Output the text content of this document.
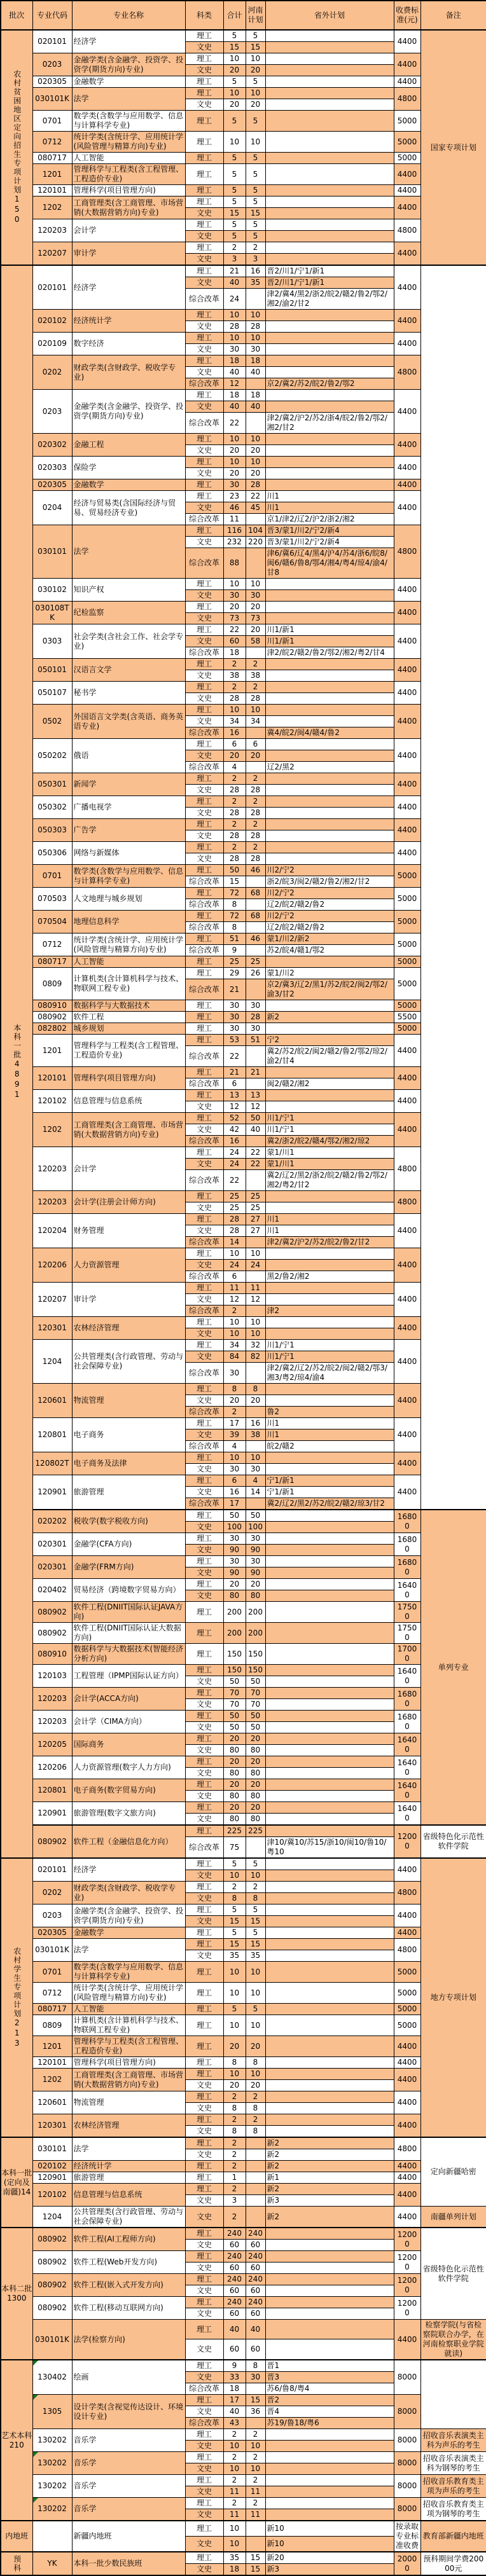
批次	专业代码	专业名称	科类	合计	河南计划	省外计划	收费标准(元)	备注
农村贫困地区定向招生专项计划150	020101	经济学	理工	5	5		4400	国家专项计划
			文史	15	15			
	0203	金融学类(含金融学、投资学、投资学(期货方向)专业)	理工	10	10		4400	
			文史	20	20			
	020305	金融数学	理工	5	5		4400	
	030101K	法学	理工	10	10		4800	
			文史	20	20			
	0701	数学类(含数学与应用数学、信息与计算科学专业)	理工	5	5		5000	
	0712	统计学类(含统计学、应用统计学(风险管理与精算方向)专业)	理工	10	10		5000	
	080717	人工智能	理工	5	5		5000	
	1201	管理科学与工程类(含工程管理、工程造价专业)	理工	5	5		4400	
	120101	管理科学(项目管理方向)	理工	5	5		4400	
	1202	工商管理类(含工商管理、市场营销(大数据营销方向)专业)	理工	5	5		4400	
			文史	15	15			
	120203	会计学	理工	5	5		4800	
			文史	5	5			
	120207	审计学	理工	2	2		4400	
			文史	3	3			
本科一批4891	020101	经济学	理工	21	16	晋2/川1/宁1/新1	4400	
			文史	40	35	晋2/川1/宁1/新1		
			综合改革	24		津2/冀4/黑2/浙2/皖2/赣2/鲁2/鄂2/湘2/渝2/甘2		
	020102	经济统计学	理工	10	10		4400	
			文史	28	28			
	020109	数字经济	理工	10	10		4400	
			文史	30	30			
	0202	财政学类(含财政学、税收学专业)	理工	18	18		4800	
			文史	40	40			
			综合改革	12		京2/冀2/苏2/皖2/鲁2/鄂2		
	0203	金融学类(含金融学、投资学、投资学(期货方向)专业)	理工	18	18		4400	
			文史	40	40			
			综合改革	22		津2/冀2/沪2/苏2/浙4/皖2/鲁2/鄂2/湘2/甘2		
	020302	金融工程	理工	10	10		4400	
			文史	20	20			
	020303	保险学	理工	10	10		4400	
			文史	20	20			
	020305	金融数学	理工	30	28		4400	
	0204	经济与贸易类(含国际经济与贸易、贸易经济专业)	理工	23	22	川1	4400	
			文史	46	45	川1		
			综合改革	11		京1/津2/辽2/沪2/浙2/湘2		
	030101	法学	理工	116	104	晋3/蒙1/川2/宁2/新4	4800	
			文史	232	220	晋3/蒙1/川2/宁2/新4		
			综合改革	88		津6/冀6/辽4/黑4/沪4/苏4/浙6/皖8/闽6/赣6/鲁8/鄂4/湘4/粤4/琼4/渝4/甘8		
	030102	知识产权	理工	10	10		4400	
			文史	30	30			
	030108TK	纪检监察	理工	20	20		4400	
			文史	73	73			
	0303	社会学类(含社会工作、社会学专业)	理工	22	20	川1/新1	4400	
			文史	60	58	川1/新1		
			综合改革	18		津2/皖2/赣2/鲁2/鄂2/湘2/粤2/甘4		
	050101	汉语言文学	理工	2	2		4400	
			文史	38	38			
	050107	秘书学	理工	2	2		4400	
			文史	28	28			
	0502	外国语言文学类(含英语、商务英语专业)	理工	10	10		4400	
			文史	34	34			
			综合改革	16		冀4/皖2/闽4/赣4/鲁2		
	050202	俄语	理工	6	6		4400	
			文史	20	20			
			综合改革	4		辽2/黑2		
	050301	新闻学	理工	2	2		4400	
			文史	28	28			
	050302	广播电视学	理工	2	2		4400	
			文史	28	28			
	050303	广告学	理工	2	2		4400	
			文史	28	28			
	050306	网络与新媒体	理工	2	2		4400	
			文史	28	28			
	0701	数学类(含数学与应用数学、信息与计算科学专业)	理工	50	46	川2/宁2	5000	
			综合改革	15		浙2/皖3/闽2/赣2/鲁2/湘2/甘2		
	070503	人文地理与城乡规划	理工	72	68	川2/宁2	5000	
			综合改革	8		辽2/皖2/赣2/鲁2		
	070504	地理信息科学	理工	72	68	川2/宁2	5000	
			综合改革	8		辽2/皖2/赣2/鲁2		
	0712	统计学类(含统计学、应用统计学(风险管理与精算方向)专业)	理工	51	46	蒙1/川2/新2	5000	
			综合改革	9		苏2/皖4/赣1/鄂2		
	080717	人工智能	理工	25	25		5000	
	0809	计算机类(含计算机科学与技术、物联网工程专业)	理工	29	26	蒙1/川2	5000	
			综合改革	21		京2/冀3/辽2/黑1/苏2/皖2/闽2/鄂2/渝3/甘2		
	080910	数据科学与大数据技术	理工	30	30		5000	
	080902	软件工程	理工	30	28	新2	5500	
	082802	城乡规划	理工	30	30		5000	
	1201	管理科学与工程类(含工程管理、工程造价专业)	理工	53	51	宁2	4400	
			综合改革	22		冀2/苏2/皖2/闽2/赣2/鲁2/鄂2/琼2/渝2/甘4		
	120101	管理科学(项目管理方向)	理工	21	21		4400	
			综合改革	6		闽2/赣2/湘2		
	120102	信息管理与信息系统	理工	13	13		4400	
			文史	12	12			
	1202	工商管理类(含工商管理、市场营销(大数据营销方向)专业)	理工	52	50	川1/宁1	4400	
			文史	42	40	川1/宁1		
			综合改革	16		冀2/浙2/皖2/赣4/鄂2/湘2/琼2		
	120203	会计学	理工	24	22	蒙1/川1	4800	
			文史	24	22	蒙1/川1		
			综合改革	22		冀2/辽2/黑2/浙2/皖2/赣2/鲁2/鄂2/湘2/粤2/甘2		
	120203	会计学(注册会计师方向)	理工	25	25		4800	
			文史	25	25			
	120204	财务管理	理工	28	27	川1	4400	
			文史	28	27	川1		
			综合改革	14		津2/冀2/沪2/苏2/皖2/鲁2/甘2		
	120206	人力资源管理	理工	10	10		4400	
			文史	24	24			
			综合改革	6		黑2/鲁2/湘2		
	120207	审计学	理工	11	11		4400	
			文史	12	12			
			综合改革	2		津2		
	120301	农林经济管理	理工	10	10		4400	
			文史	10	10			
	1204	公共管理类(含行政管理、劳动与社会保障专业)	理工	34	32	川1/宁1	4400	
			文史	84	82	川1/宁1		
			综合改革	30		津2/冀2/辽2/苏2/皖2/闽2/赣2/鄂3/湘3/粤2/琼4/渝4		
	120601	物流管理	理工	8	8		4400	
			文史	20	20			
			综合改革	2		鲁2		
	120801	电子商务	理工	17	16	川1	4400	
			文史	39	38	川1		
			综合改革	4		皖2/赣2		
	120802T	电子商务及法律	理工	10	10		4400	
			文史	30	30			
	120901	旅游管理	理工	6	4	宁1/新1	4400	
			文史	16	14	宁1/新1		
			综合改革	17		冀2/辽2/黑2/苏2/皖2/赣2/琼3/甘2		
	020202	税收学(数字税收方向)	理工	50	50		16800	单列专业
			文史	100	100			
	020301	金融学(CFA方向)	理工	30	30		16800	
			文史	90	90			
	020301	金融学(FRM方向)	理工	30	30		16800	
			文史	90	90			
	020402	贸易经济（跨境数字贸易方向）	理工	20	20		16400	
			文史	80	80			
	080902	软件工程(DNIIT国际认证JAVA方向)	理工	200	200		17500	
	080902	软件工程(DNIIT国际认证大数据方向)	理工	200	200		17500	
	080910	数据科学与大数据技术(智能经济分析方向)	理工	150	150		17000	
	120103	工程管理（IPMP国际认证方向）	理工	150	150		16400	
			文史	50	50			
	120203	会计学(ACCA方向)	理工	70	70		16800	
			文史	70	70			
	120203	会计学（CIMA方向）	理工	50	50		16800	
			文史	50	50			
	120205	国际商务	理工	20	20		16400	
			文史	80	80			
	120206	人力资源管理(数字人力方向)	理工	20	20		16400	
			文史	80	80			
	120801	电子商务(数字贸易方向)	理工	20	20		16400	
			文史	80	80			
	120901	旅游管理(数字文旅方向)	理工	20	20		16400	
			文史	80	80			
	080902	软件工程（金融信息化方向）	理工	225	225		12000	省级特色化示范性软件学院
			综合改革	75		津10/冀10/苏15/浙10/闽10/鲁10/粤10		
农村学生专项计划213	020101	经济学	理工	5	5		4400	地方专项计划
			文史	10	10			
	0202	财政学类(含财政学、税收学专业)	理工	2	2		4800	
			文史	8	8			
	0203	金融学类(含金融学、投资学、投资学(期货方向)专业)	理工	5	5		4400	
			文史	15	15			
	020305	金融数学	理工	5	5		4400	
	030101K	法学	理工	15	15		4800	
			文史	35	35			
	0701	数学类(含数学与应用数学、信息与计算科学专业)	理工	10	10		5000	
	0712	统计学类(含统计学、应用统计学(风险管理与精算方向)专业)	理工	10	10		5000	
	080717	人工智能	理工	5	5		5000	
	0809	计算机类(含计算机科学与技术、物联网工程专业)	理工	10	10		5000	
	1201	管理科学与工程类(含工程管理、工程造价专业)	理工	20	20		4400	
	120101	管理科学(项目管理方向)	理工	8	8		4400	
	1202	工商管理类(含工商管理、市场营销(大数据营销方向)专业)	理工	10	10		4400	
			文史	20	20			
	120601	物流管理	理工	2	2		4400	
			文史	8	8			
	120301	农林经济管理	理工	2	2		4400	
			文史	8	8			
本科一批(定向及南疆)14	030101	法学	理工	2		新2	4800	定向新疆哈密
			文史	2		新2		
	020102	经济统计学	理工	2		新2	4400	
	120901	旅游管理	理工	1		新1	4400	
	120102	信息管理与信息系统	理工	2		新2	4400	
			文史	3		新3		
	1204	公共管理类(含行政管理、劳动与社会保障专业)	文史	2		新2	4400	南疆单列计划
本科二批1300	080902	软件工程(AI工程师方向)	理工	240	240		12000	省级特色化示范性软件学院
			文史	60	60			
	080902	软件工程(Web开发方向)	理工	240	240		12000	
			文史	60	60			
	080902	软件工程(嵌入式开发方向)	理工	240	240		12000	
			文史	60	60			
	080902	软件工程(移动互联网方向)	理工	240	240		12000	
			文史	60	60			
	030101K	法学(检察方向)	理工	40	40		4400	检察学院(与省检察院联合办学，在河南检察职业学院就读)
			文史	60	60			
艺术本科210	130402	绘画	理工	9	8	晋1	8000	
			文史	33	30	晋3		
			综合改革	18		苏6/鲁8/粤4		
	1305	设计学类(含视觉传达设计、环境设计专业)	理工	17	15	晋2	8000	
			文史	40	36	晋4		
			综合改革	43		苏19/鲁18/粤6		
	130202	音乐学	理工	2	2		8000	招收音乐表演类主科为声乐的考生
			文史	10	10			
	130202	音乐学	理工	2	2		8000	招收音乐表演类主科为钢琴的考生
			文史	10	10			
	130202	音乐学	理工	2	2		8000	招收音乐教育类主项为声乐的考生
			文史	11	11			
	130202	音乐学	理工	2	2		8000	招收音乐教育类主项为钢琴的考生
			文史	11	11			
内地班		新疆内地班	理工	10		新10	按录取专业标准收费	教育部新疆内地班
			文史	10		新10		
预科	YK	本科一批少数民族班	理工	35	15	新20	20000	预科期间学费20000元
			文史	18	15	新3		
